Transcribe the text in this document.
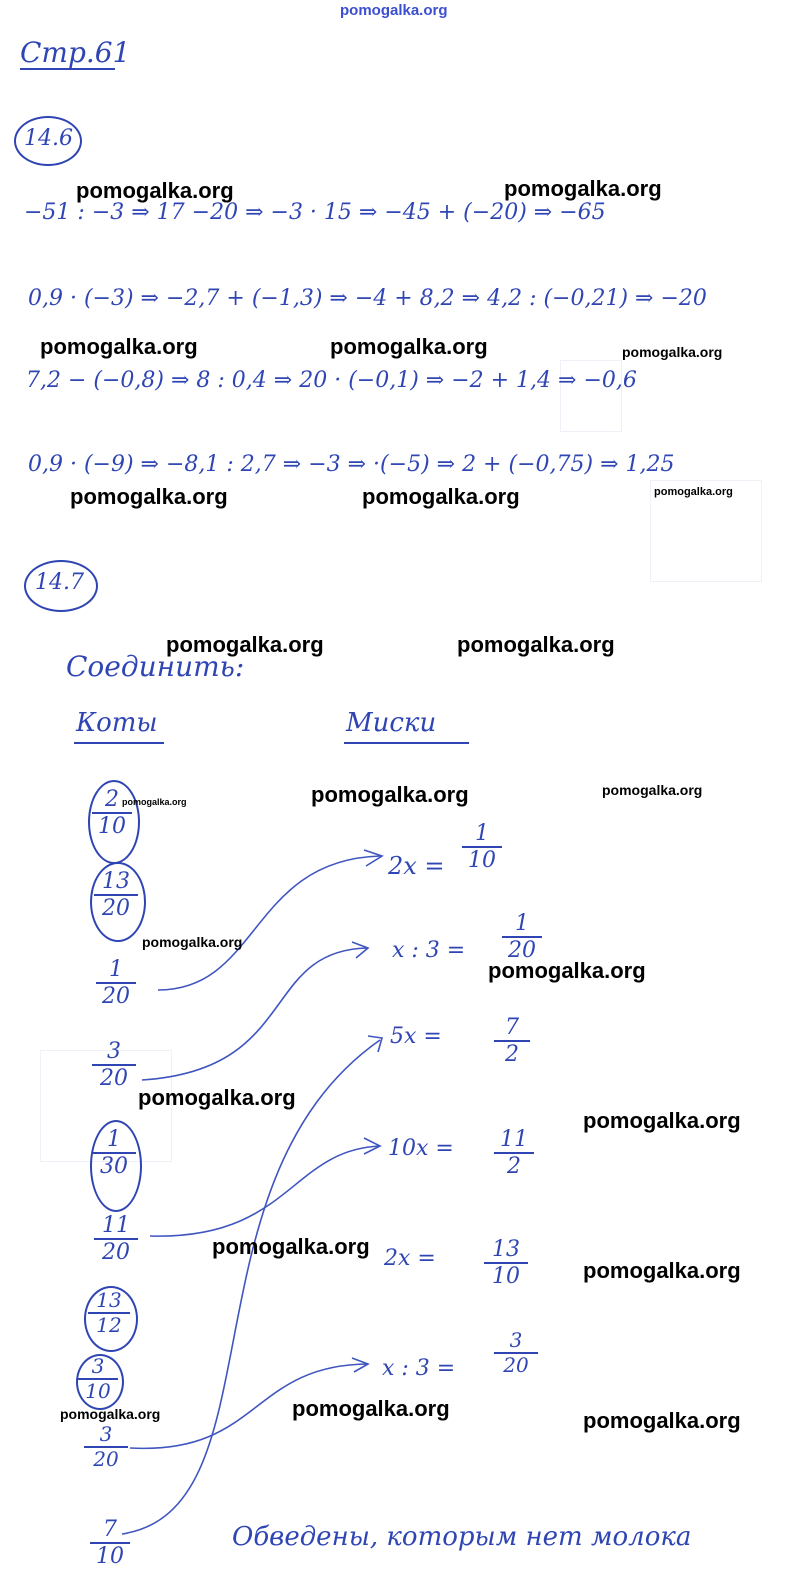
pomogalka.org
Стр.61
14.6
−51 : −3 ⇒ 17 −20 ⇒ −3 · 15 ⇒ −45 + (−20) ⇒ −65
0,9 · (−3) ⇒ −2,7 + (−1,3) ⇒ −4 + 8,2 ⇒ 4,2 : (−0,21) ⇒ −20
7,2 − (−0,8) ⇒ 8 : 0,4 ⇒ 20 · (−0,1) ⇒ −2 + 1,4 ⇒ −0,6
0,9 · (−9) ⇒ −8,1 : 2,7 ⇒ −3 ⇒ ·(−5) ⇒ 2 + (−0,75) ⇒ 1,25
14.7
Соединить:
Коты	Миски
2
10
13
20
1
20
3
20
1
30
11
20
13
12
3
10
3
20
7
10
2x =
1
10
x : 3 =
1
20
5x =	7
2
10x = 11
2
2x =	13
10
x : 3 =
3
20
Обведены, которым нет молока
pomogalka.org	pomogalka.org
pomogalka.org	pomogalka.org	pomogalka.org
pomogalka.org	pomogalka.org	pomogalka.org
pomogalka.org	pomogalka.org
pomogalka.org	pomogalka.org	pomogalka.org
pomogalka.org
pomogalka.org
pomogalka.org
pomogalka.org
pomogalka.org
pomogalka.org
pomogalka.org	pomogalka.org	pomogalka.org
